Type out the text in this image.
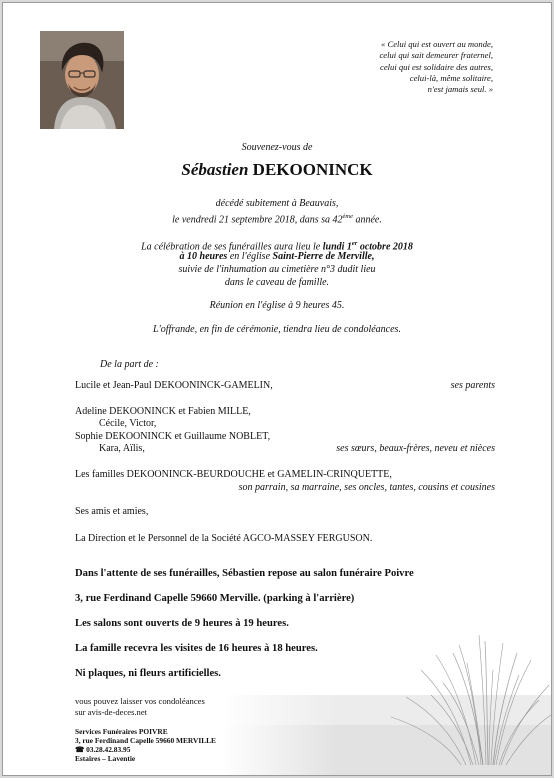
« Celui qui est ouvert au monde,
celui qui sait demeurer fraternel,
celui qui est solidaire des autres,
celui-là, même solitaire,
n'est jamais seul. »
Souvenez-vous de
Sébastien DEKOONINCK
décédé subitement à Beauvais,
le vendredi 21 septembre 2018, dans sa 42ème année.
La célébration de ses funérailles aura lieu le lundi 1er octobre 2018
à 10 heures en l'église Saint-Pierre de Merville,
suivie de l'inhumation au cimetière n°3 dudit lieu
dans le caveau de famille.
Réunion en l'église à 9 heures 45.
L'offrande, en fin de cérémonie, tiendra lieu de condoléances.
De la part de :
Lucile et Jean-Paul DEKOONINCK-GAMELIN,	ses parents
Adeline DEKOONINCK et Fabien MILLE,
Cécile, Victor,
Sophie DEKOONINCK et Guillaume NOBLET,
Kara, Aïlis,	ses sœurs, beaux-frères, neveu et nièces
Les familles DEKOONINCK-BEURDOUCHE et GAMELIN-CRINQUETTE,
son parrain, sa marraine, ses oncles, tantes, cousins et cousines
Ses amis et amies,
La Direction et le Personnel de la Société AGCO-MASSEY FERGUSON.
Dans l'attente de ses funérailles, Sébastien repose au salon funéraire Poivre
3, rue Ferdinand Capelle 59660 Merville. (parking à l'arrière)
Les salons sont ouverts de 9 heures à 19 heures.
La famille recevra les visites de 16 heures à 18 heures.
Ni plaques, ni fleurs artificielles.
vous pouvez laisser vos condoléances
sur avis-de-deces.net
Services Funéraires POIVRE
3, rue Ferdinand Capelle 59660 MERVILLE
☎ 03.28.42.83.95
Estaires – Laventie
